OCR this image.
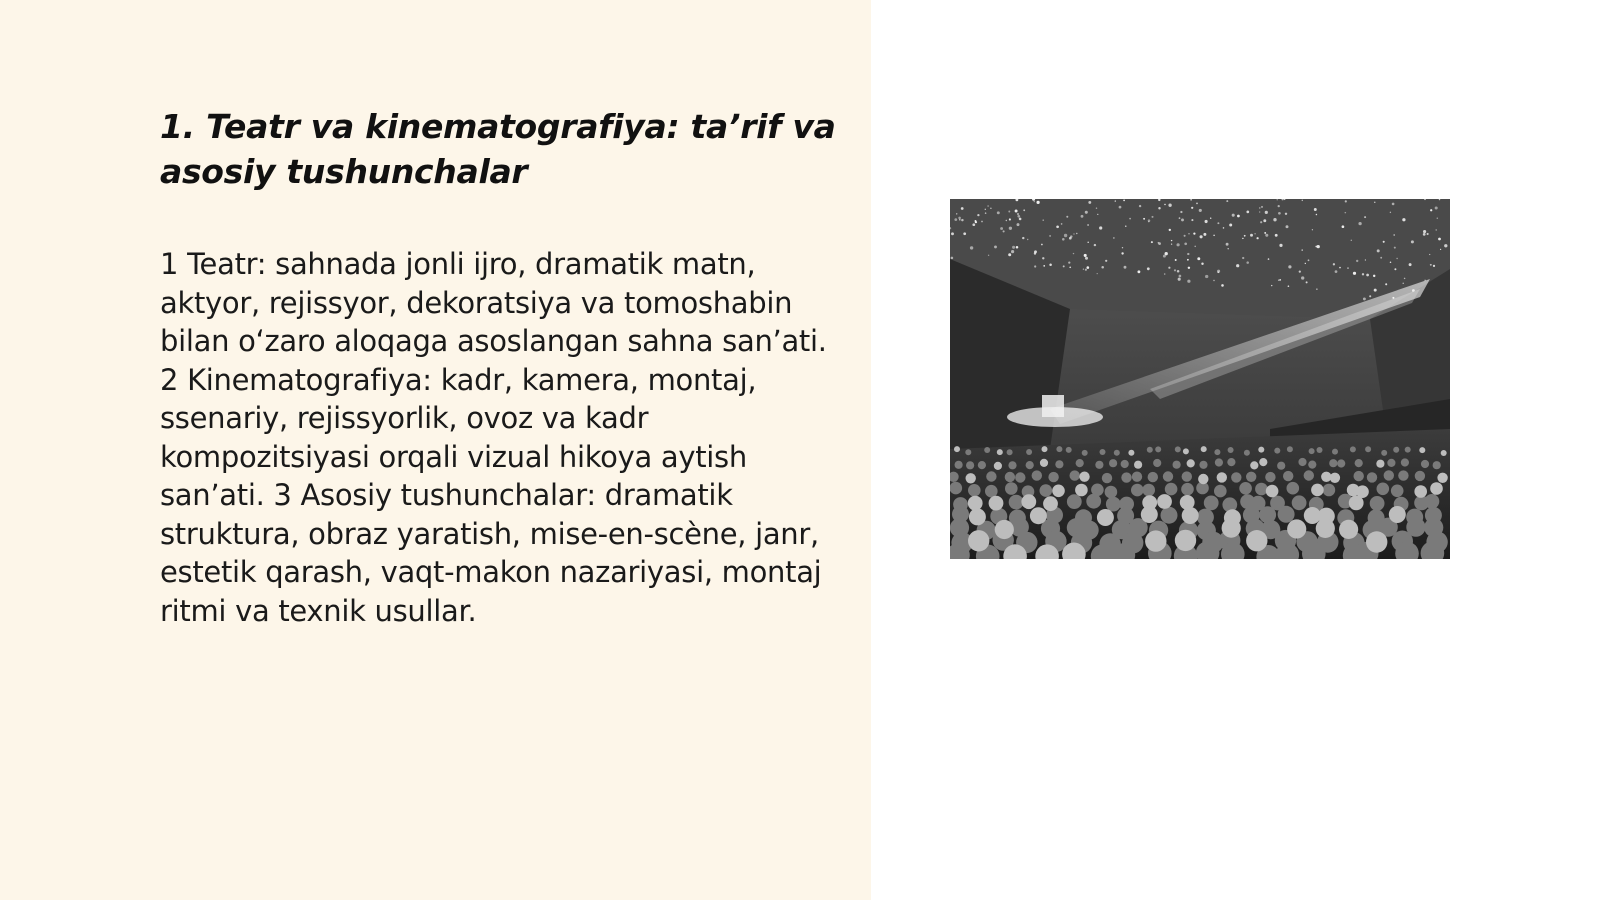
1. Teatr va kinematografiya: ta’rif va asosiy tushunchalar

1 Teatr: sahnada jonli ijro, dramatik matn, aktyor, rejissyor, dekoratsiya va tomoshabin bilan o‘zaro aloqaga asoslangan sahna san’ati. 2 Kinematografiya: kadr, kamera, montaj, ssenariy, rejissyorlik, ovoz va kadr kompozitsiyasi orqali vizual hikoya aytish san’ati. 3 Asosiy tushunchalar: dramatik struktura, obraz yaratish, mise-en-scène, janr, estetik qarash, vaqt-makon nazariyasi, montaj ritmi va texnik usullar.
